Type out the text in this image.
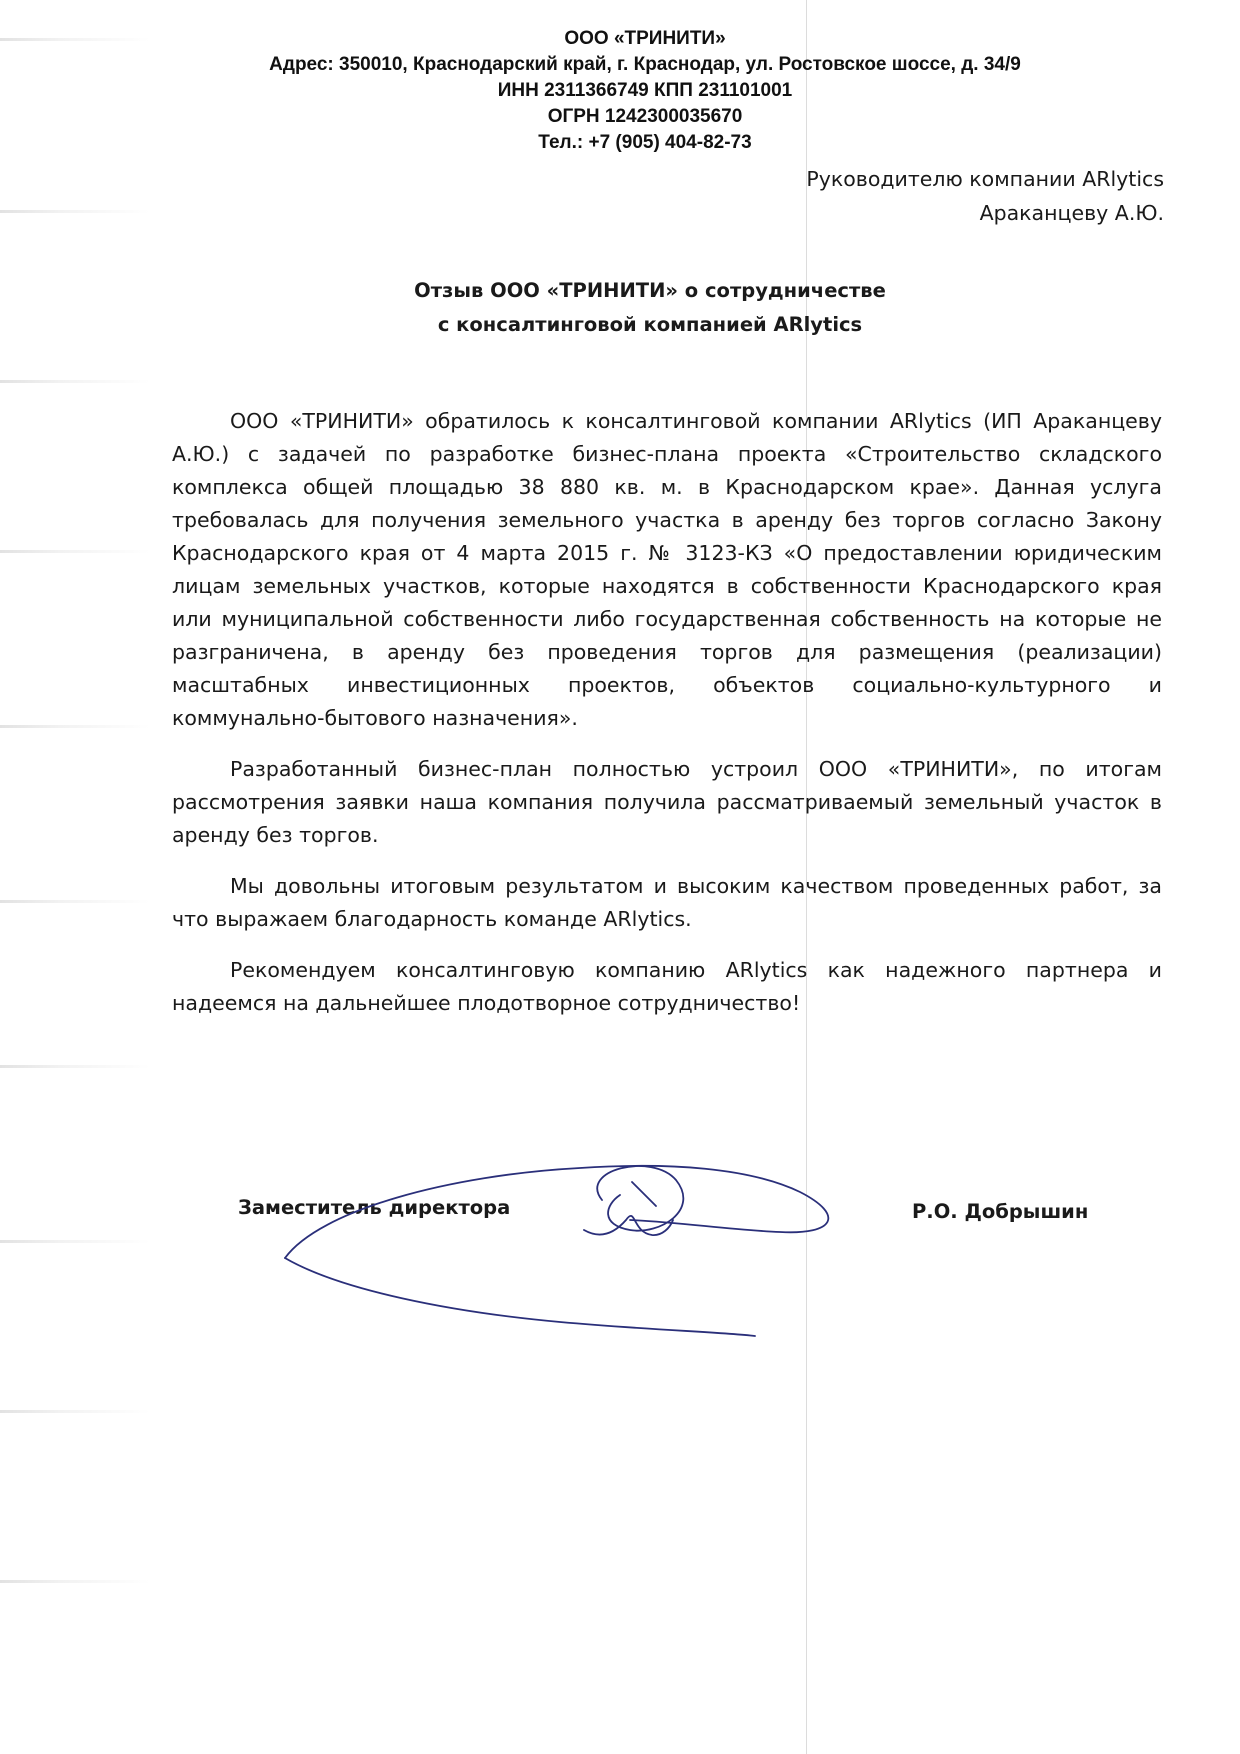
ООО «ТРИНИТИ»
Адрес: 350010, Краснодарский край, г. Краснодар, ул. Ростовское шоссе, д. 34/9
ИНН 2311366749 КПП 231101001
ОГРН 1242300035670
Тел.: +7 (905) 404-82-73
Руководителю компании ARlytics
Араканцеву А.Ю.
Отзыв ООО «ТРИНИТИ» о сотрудничестве
с консалтинговой компанией ARlytics

ООО «ТРИНИТИ» обратилось к консалтинговой компании ARlytics (ИП Араканцеву А.Ю.) с задачей по разработке бизнес-плана проекта «Строительство складского комплекса общей площадью 38 880 кв. м. в Краснодарском крае». Данная услуга требовалась для получения земельного участка в аренду без торгов согласно Закону Краснодарского края от 4 марта 2015 г. № 3123-КЗ «О предоставлении юридическим лицам земельных участков, которые находятся в собственности Краснодарского края или муниципальной собственности либо государственная собственность на которые не разграничена, в аренду без проведения торгов для размещения (реализации) масштабных инвестиционных проектов, объектов социально-культурного и коммунально-бытового назначения».

Разработанный бизнес-план полностью устроил ООО «ТРИНИТИ», по итогам рассмотрения заявки наша компания получила рассматриваемый земельный участок в аренду без торгов.

Мы довольны итоговым результатом и высоким качеством проведенных работ, за что выражаем благодарность команде ARlytics.

Рекомендуем консалтинговую компанию ARlytics как надежного партнера и надеемся на дальнейшее плодотворное сотрудничество!

Заместитель директора	Р.О. Добрышин
